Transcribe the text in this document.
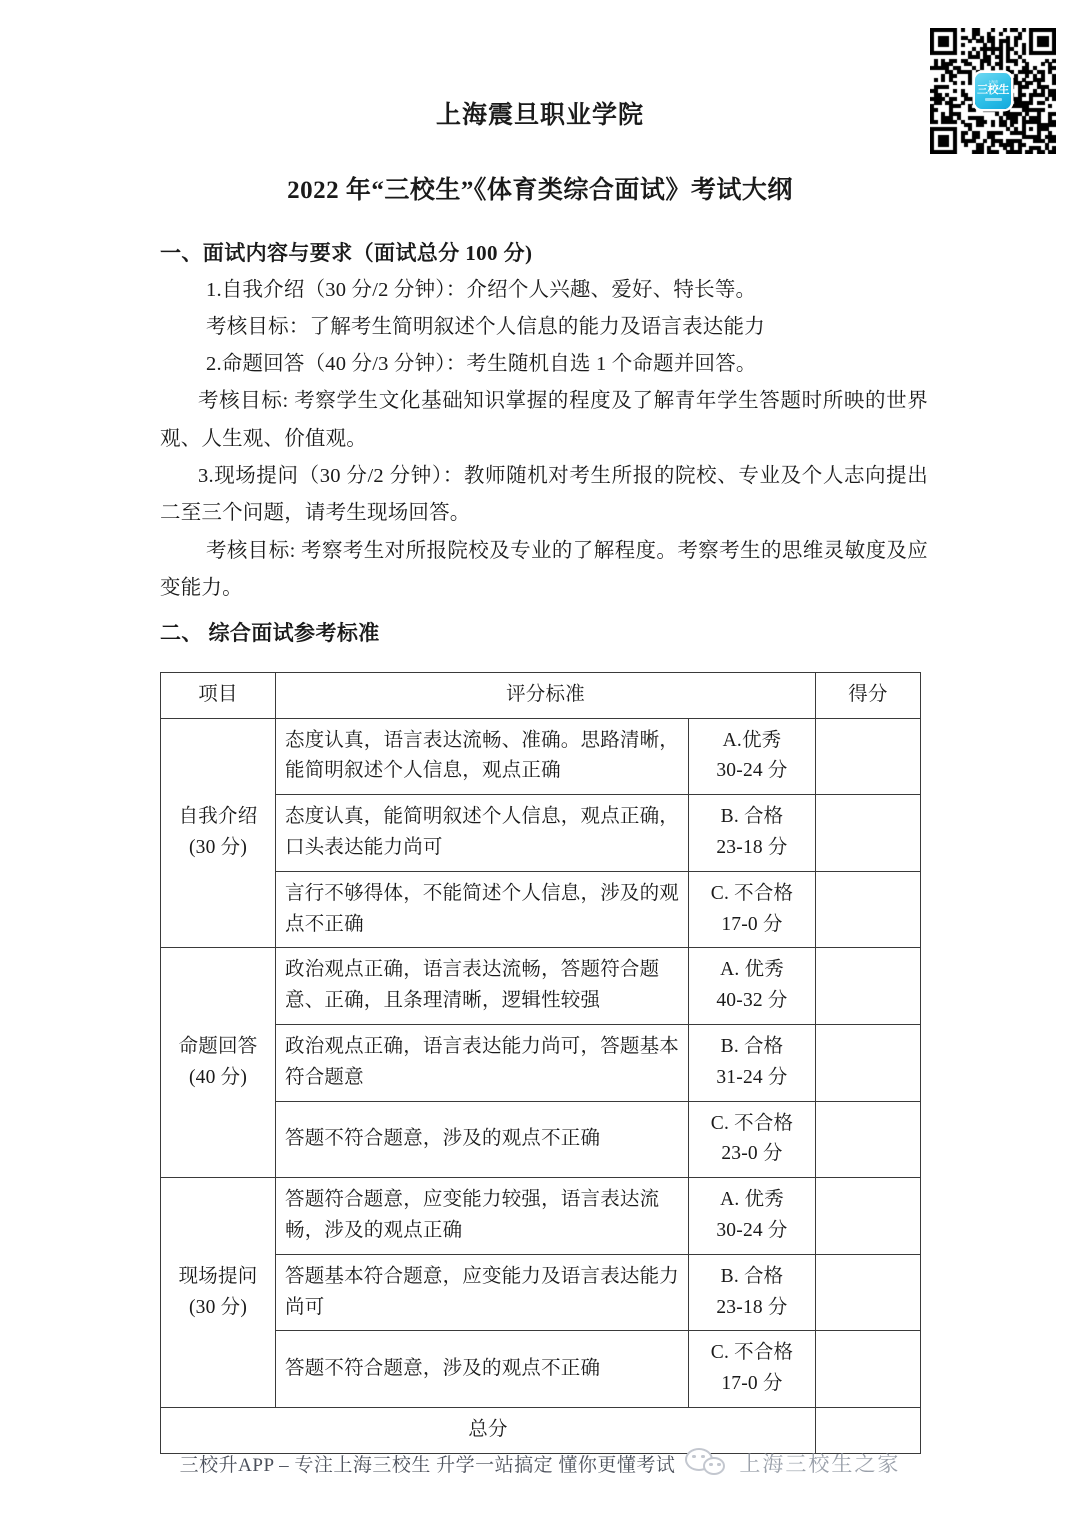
上海市
三校生
上海震旦职业学院
2022 年“三校生”《体育类综合面试》考试大纲

一、面试内容与要求（面试总分 100 分)

1.自我介绍（30 分/2 分钟）：介绍个人兴趣、爱好、特长等。

考核目标：了解考生简明叙述个人信息的能力及语言表达能力

2.命题回答（40 分/3 分钟）：考生随机自选 1 个命题并回答。

考核目标: 考察学生文化基础知识掌握的程度及了解青年学生答题时所映的世界观、人生观、价值观。

3.现场提问（30 分/2 分钟）：教师随机对考生所报的院校、专业及个人志向提出二至三个问题，请考生现场回答。

考核目标: 考察考生对所报院校及专业的了解程度。考察考生的思维灵敏度及应变能力。

二、 综合面试参考标准

项目	评分标准		得分

自我介绍
(30 分)
	态度认真，语言表达流畅、准确。思路清晰，能简明叙述个人信息，观点正确	
A.优秀
30-24 分

	态度认真，能简明叙述个人信息，观点正确，口头表达能力尚可	B. 合格
23-18 分	

	言行不够得体，不能简述个人信息，涉及的观点不正确	C. 不合格
17-0 分	

命题回答
(40 分)
	政治观点正确，语言表达流畅，答题符合题意、正确，且条理清晰，逻辑性较强	
A. 优秀
40-32 分

	政治观点正确，语言表达能力尚可，答题基本符合题意	B. 合格
31-24 分	

	答题不符合题意，涉及的观点不正确	C. 不合格
23-0 分	

现场提问
(30 分)
	答题符合题意，应变能力较强，语言表达流畅，涉及的观点正确	
A. 优秀
30-24 分

	答题基本符合题意，应变能力及语言表达能力尚可	B. 合格
23-18 分	

	答题不符合题意，涉及的观点不正确	C. 不合格
17-0 分	

总分			
三校升APP – 专注上海三校生 升学一站搞定 懂你更懂考试	上海三校生之家
